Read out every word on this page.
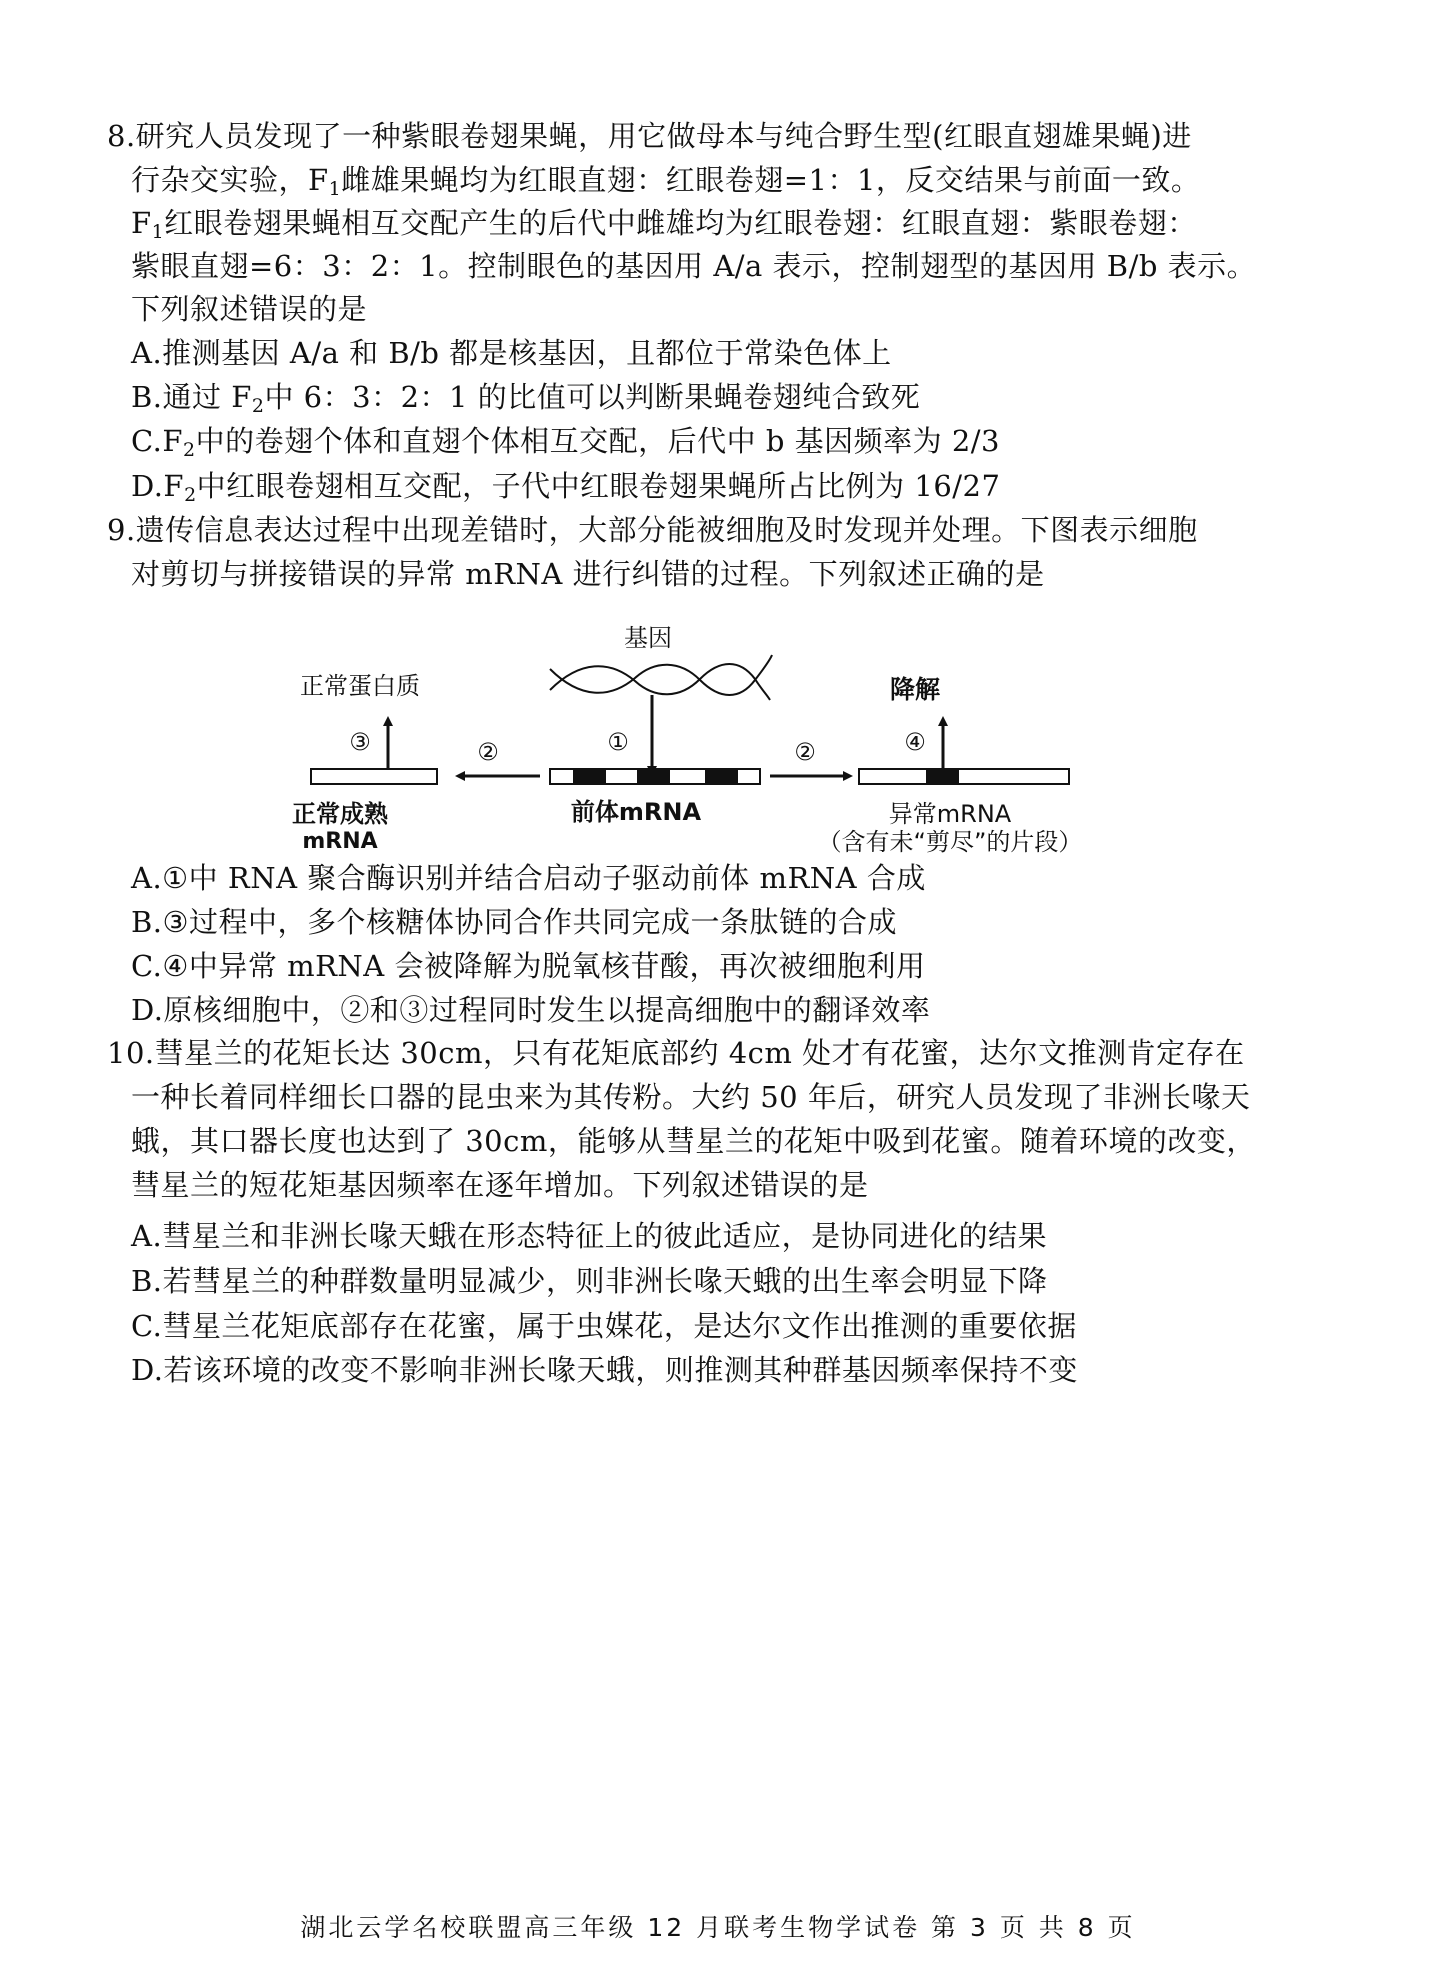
8.研究人员发现了一种紫眼卷翅果蝇，用它做母本与纯合野生型(红眼直翅雄果蝇)进
行杂交实验，$F_1$雌雄果蝇均为红眼直翅：红眼卷翅=1：1，反交结果与前面一致。
$F_1$红眼卷翅果蝇相互交配产生的后代中雌雄均为红眼卷翅：红眼直翅：紫眼卷翅：
紫眼直翅=6：3：2：1。控制眼色的基因用 A/a 表示，控制翅型的基因用 B/b 表示。
下列叙述错误的是
A.推测基因 A/a 和 B/b 都是核基因，且都位于常染色体上
B.通过 $F_2$中 6：3：2：1 的比值可以判断果蝇卷翅纯合致死
$C.F_2$中的卷翅个体和直翅个体相互交配，后代中 b 基因频率为 2/3
$D.F_2$中红眼卷翅相互交配，子代中红眼卷翅果蝇所占比例为 16/27
9.遗传信息表达过程中出现差错时，大部分能被细胞及时发现并处理。下图表示细胞
对剪切与拼接错误的异常 mRNA 进行纠错的过程。下列叙述正确的是
基因
正常蛋白质
③
降解
④
①
②	②
正常成熟
mRNA
前体mRNA	异常mRNA
（含有未“剪尽”的片段）
A.①中 RNA 聚合酶识别并结合启动子驱动前体 mRNA 合成
B.③过程中，多个核糖体协同合作共同完成一条肽链的合成
C.④中异常 mRNA 会被降解为脱氧核苷酸，再次被细胞利用
D.原核细胞中，②和③过程同时发生以提高细胞中的翻译效率
10.彗星兰的花矩长达 30cm，只有花矩底部约 4cm 处才有花蜜，达尔文推测肯定存在
一种长着同样细长口器的昆虫来为其传粉。大约 50 年后，研究人员发现了非洲长喙天
蛾，其口器长度也达到了 30cm，能够从彗星兰的花矩中吸到花蜜。随着环境的改变，
彗星兰的短花矩基因频率在逐年增加。下列叙述错误的是
A.彗星兰和非洲长喙天蛾在形态特征上的彼此适应，是协同进化的结果
B.若彗星兰的种群数量明显减少，则非洲长喙天蛾的出生率会明显下降
C.彗星兰花矩底部存在花蜜，属于虫媒花，是达尔文作出推测的重要依据
D.若该环境的改变不影响非洲长喙天蛾，则推测其种群基因频率保持不变
湖北云学名校联盟高三年级 12 月联考生物学试卷 第 3 页 共 8 页
